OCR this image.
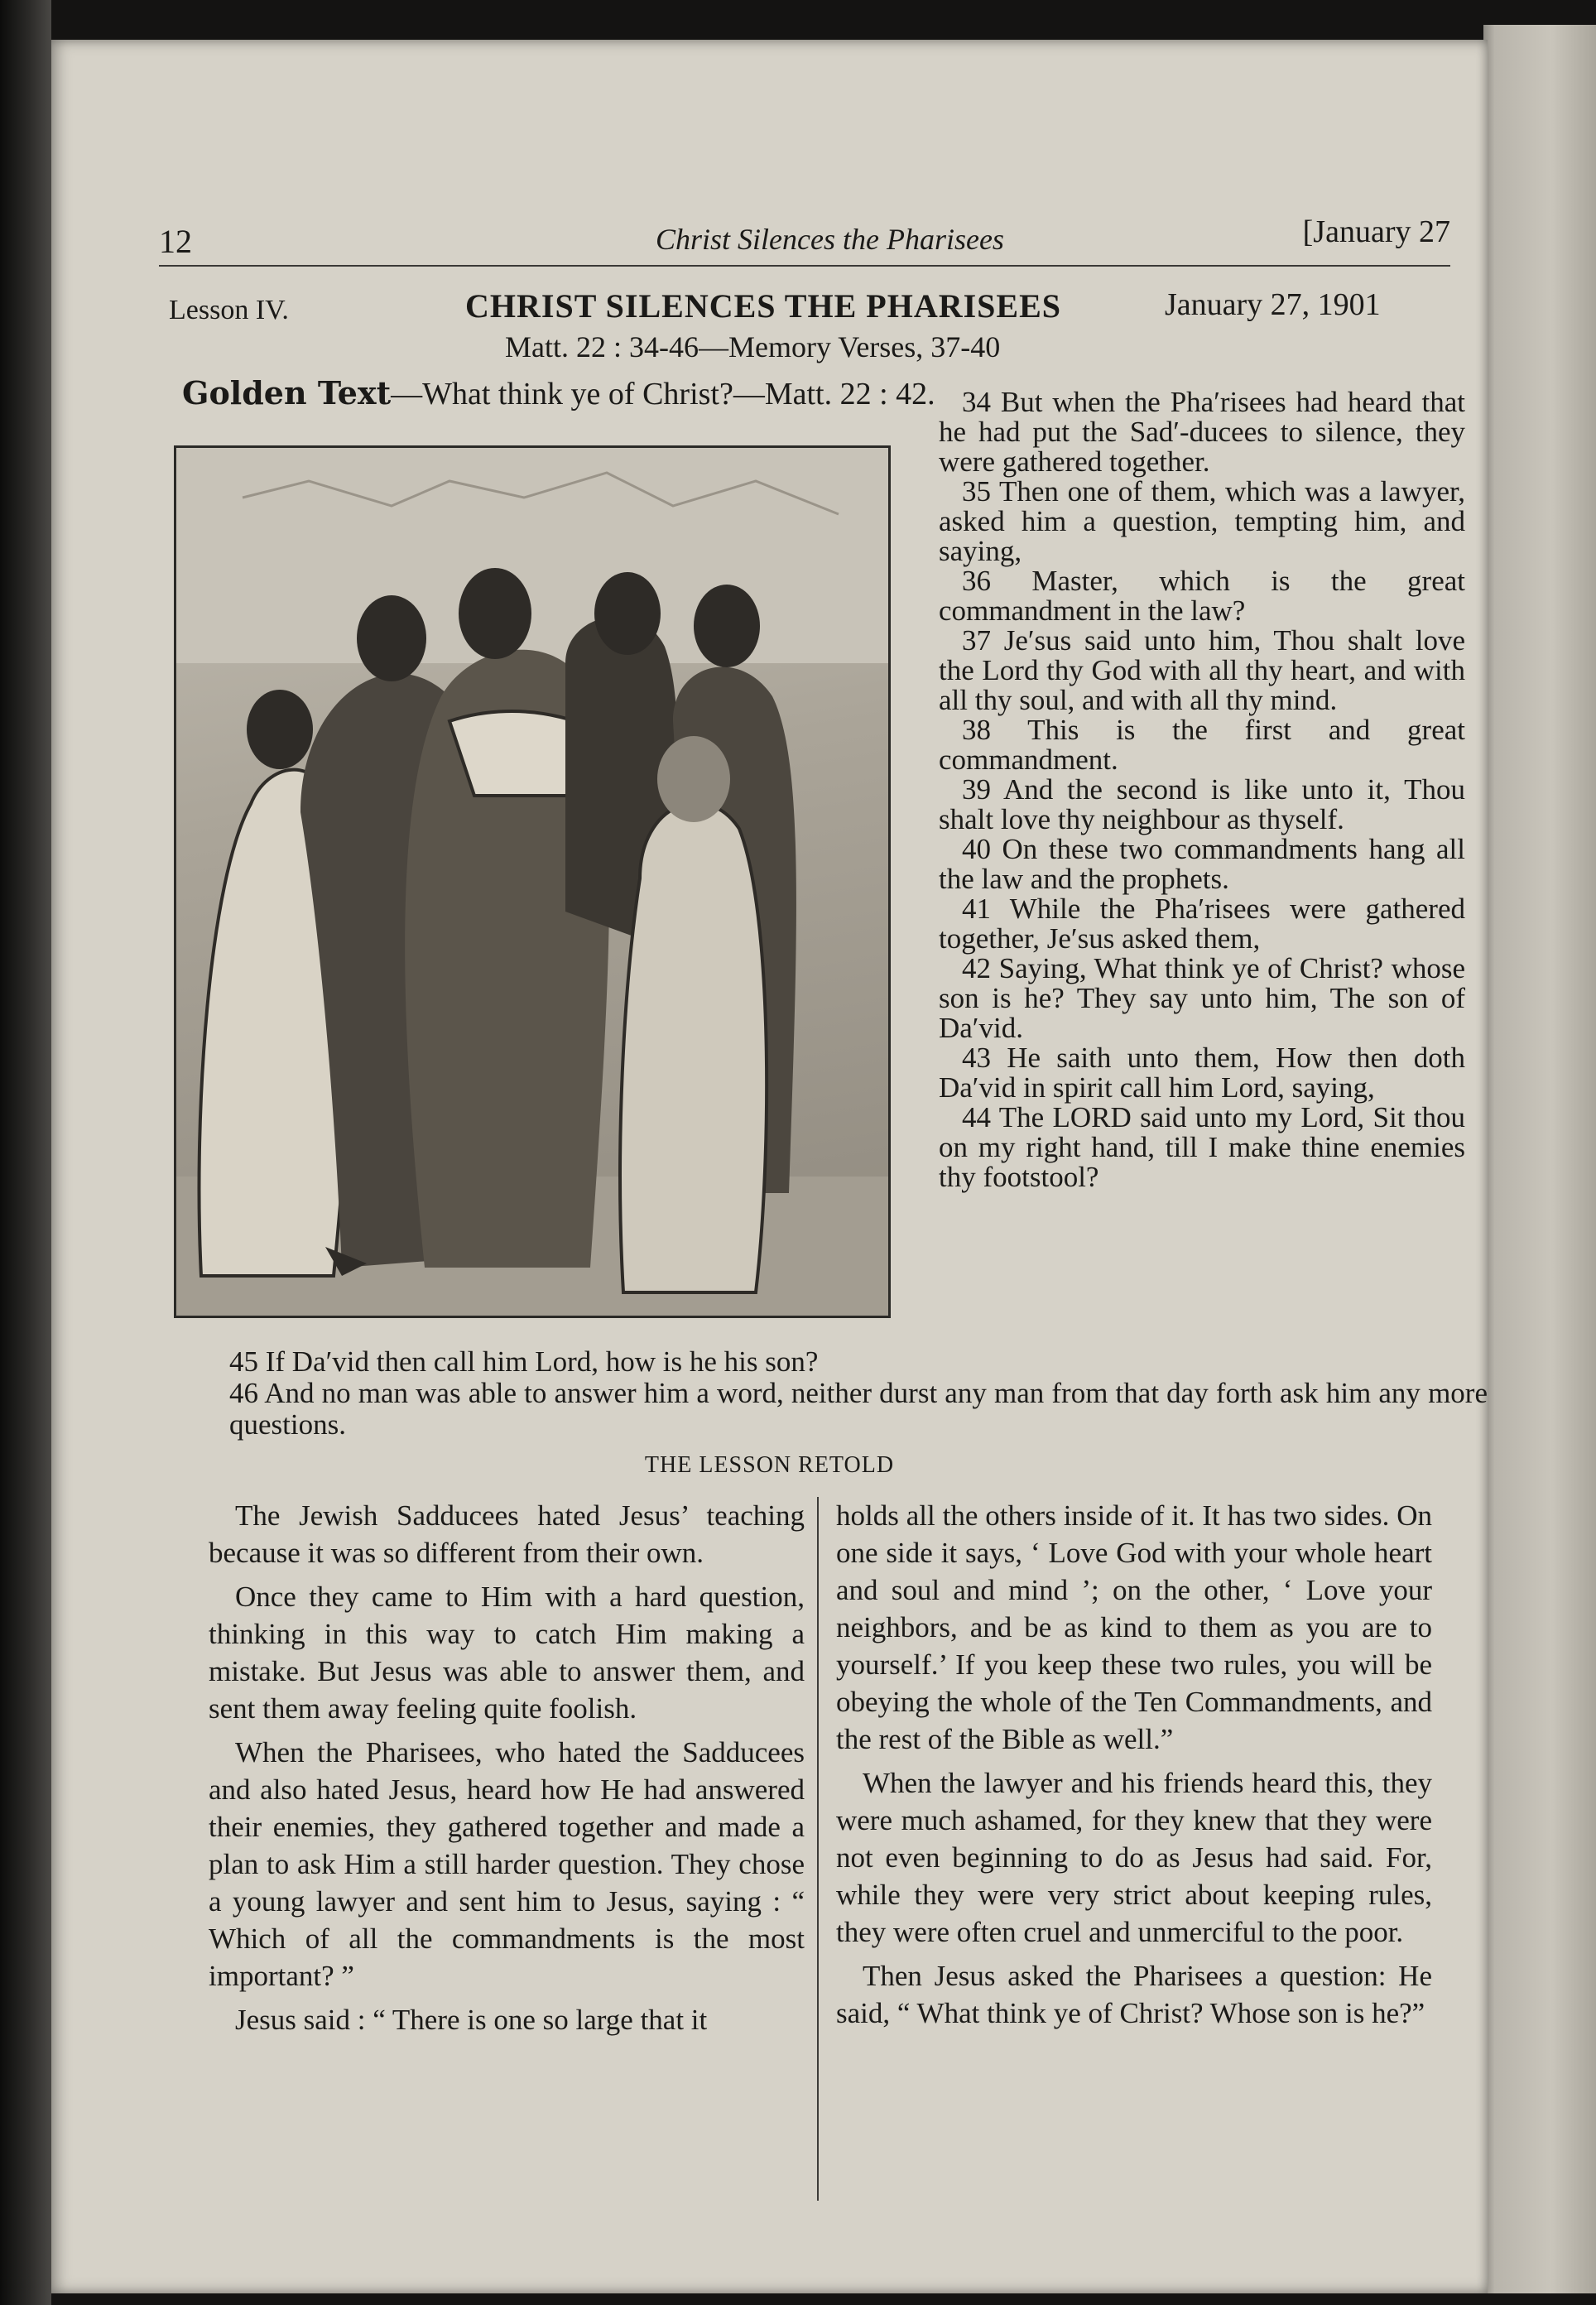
12	Christ Silences the Pharisees	[January 27
Lesson IV.	CHRIST SILENCES THE PHARISEES	January 27, 1901
Matt. 22 : 34-46—Memory Verses, 37-40
Golden Text—What think ye of Christ?—Matt. 22 : 42. 34 But when the Pha′risees had heard that he had put the Sad′-ducees to silence, they were gathered together.

35 Then one of them, which was a lawyer, asked him a question, tempting him, and saying,

36 Master, which is the great commandment in the law?

37 Je′sus said unto him, Thou shalt love the Lord thy God with all thy heart, and with all thy soul, and with all thy mind.

38 This is the first and great commandment.

39 And the second is like unto it, Thou shalt love thy neighbour as thyself.

40 On these two commandments hang all the law and the prophets.

41 While the Pha′risees were gathered together, Je′sus asked them,

42 Saying, What think ye of Christ? whose son is he? They say unto him, The son of Da′vid.

43 He saith unto them, How then doth Da′vid in spirit call him Lord, saying,

44 The LORD said unto my Lord, Sit thou on my right hand, till I make thine enemies thy footstool?

45 If Da′vid then call him Lord, how is he his son?

46 And no man was able to answer him a word, neither durst any man from that day forth ask him any more questions.

THE LESSON RETOLD

The Jewish Sadducees hated Jesus’ teaching because it was so different from their own.

Once they came to Him with a hard question, thinking in this way to catch Him making a mistake. But Jesus was able to answer them, and sent them away feeling quite foolish.

When the Pharisees, who hated the Sadducees and also hated Jesus, heard how He had answered their enemies, they gathered together and made a plan to ask Him a still harder question. They chose a young lawyer and sent him to Jesus, saying : “ Which of all the commandments is the most important? ”

Jesus said : “ There is one so large that it

holds all the others inside of it. It has two sides. On one side it says, ‘ Love God with your whole heart and soul and mind ’; on the other, ‘ Love your neighbors, and be as kind to them as you are to yourself.’ If you keep these two rules, you will be obeying the whole of the Ten Commandments, and the rest of the Bible as well.”

When the lawyer and his friends heard this, they were much ashamed, for they knew that they were not even beginning to do as Jesus had said. For, while they were very strict about keeping rules, they were often cruel and unmerciful to the poor.

Then Jesus asked the Pharisees a question: He said, “ What think ye of Christ? Whose son is he?”
